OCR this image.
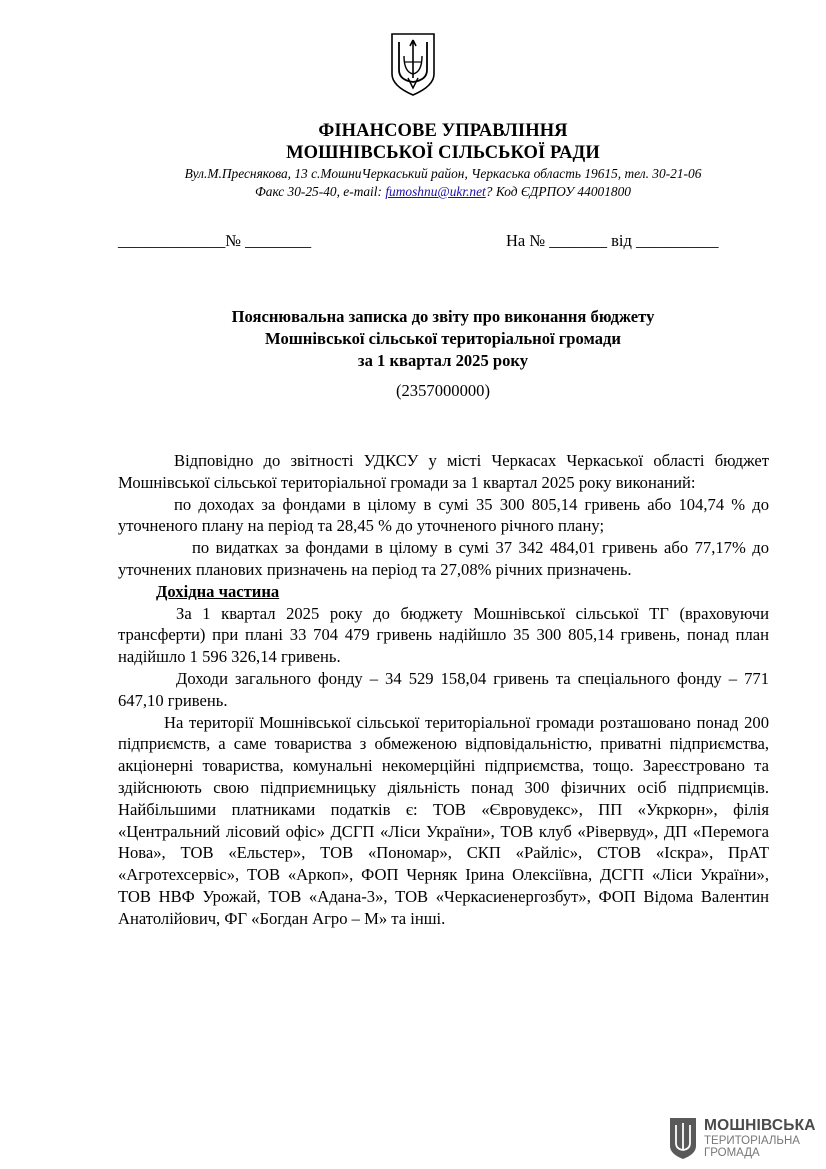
ФІНАНСОВЕ УПРАВЛІННЯ
МОШНІВСЬКОЇ СІЛЬСЬКОЇ РАДИ
Вул.М.Преснякова, 13 с.МошниЧеркаський район, Черкаська область 19615, тел. 30-21-06
Факс 30-25-40, e-mail: fumoshnu@ukr.net? Код ЄДРПОУ 44001800
_____________№ ________	На № _______ від __________
Пояснювальна записка до звіту про виконання бюджету
Мошнівської сільської територіальної громади
за 1 квартал 2025 року
(2357000000)

Відповідно до звітності УДКСУ у місті Черкасах Черкаської області бюджет Мошнівської сільської територіальної громади за 1 квартал 2025 року виконаний:

по доходах за фондами в цілому в сумі 35 300 805,14 гривень або 104,74 % до уточненого плану на період та 28,45 % до уточненого річного плану;

по видатках за фондами в цілому в сумі 37 342 484,01 гривень або 77,17% до уточнених планових призначень на період та 27,08% річних призначень.

Дохідна частина

За 1 квартал 2025 року до бюджету Мошнівської сільської ТГ (враховуючи трансферти) при плані 33 704 479 гривень надійшло 35 300 805,14 гривень, понад план надійшло 1 596 326,14 гривень.

Доходи загального фонду – 34 529 158,04 гривень та спеціального фонду – 771 647,10 гривень.

На території Мошнівської сільської територіальної громади розташовано понад 200 підприємств, а саме товариства з обмеженою відповідальністю, приватні підприємства, акціонерні товариства, комунальні некомерційні підприємства, тощо. Зареєстровано та здійснюють свою підприємницьку діяльність понад 300 фізичних осіб підприємців. Найбільшими платниками податків є: ТОВ «Євровудекс», ПП «Укркорн», філія «Центральний лісовий офіс» ДСГП «Ліси України», ТОВ клуб «Рівервуд», ДП «Перемога Нова», ТОВ «Ельстер», ТОВ «Пономар», СКП «Райліс», СТОВ «Іскра», ПрАТ «Агротехсервіс», ТОВ «Аркоп», ФОП Черняк Ірина Олексіївна, ДСГП «Ліси України», ТОВ НВФ Урожай, ТОВ «Адана-3», ТОВ «Черкасиенергозбут», ФОП Відома Валентин Анатолійович, ФГ «Богдан Агро – М» та інші.

МОШНІВСЬКА
ТЕРИТОРІАЛЬНА
ГРОМАДА
